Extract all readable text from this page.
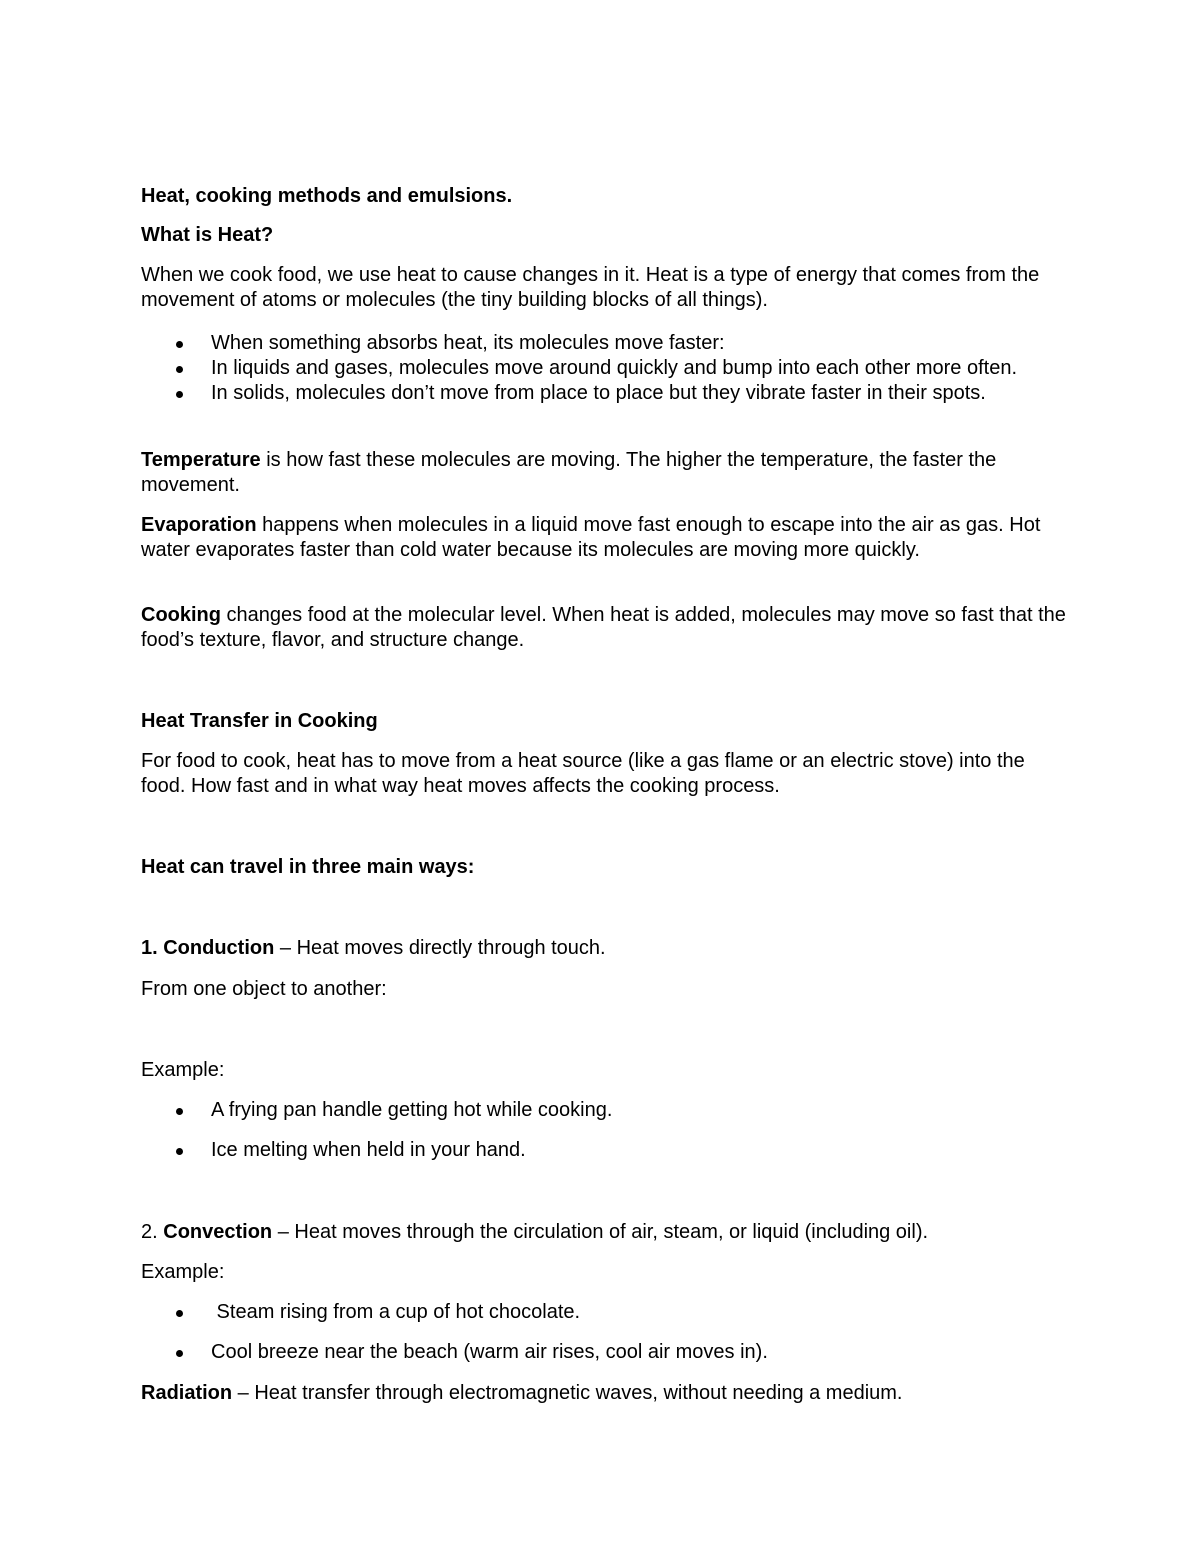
Heat, cooking methods and emulsions.

What is Heat?

When we cook food, we use heat to cause changes in it. Heat is a type of energy that comes from the movement of atoms or molecules (the tiny building blocks of all things).

When something absorbs heat, its molecules move faster:
In liquids and gases, molecules move around quickly and bump into each other more often.
In solids, molecules don’t move from place to place but they vibrate faster in their spots.

Temperature is how fast these molecules are moving. The higher the temperature, the faster the movement.

Evaporation happens when molecules in a liquid move fast enough to escape into the air as gas. Hot water evaporates faster than cold water because its molecules are moving more quickly.

Cooking changes food at the molecular level. When heat is added, molecules may move so fast that the food’s texture, flavor, and structure change.

Heat Transfer in Cooking

For food to cook, heat has to move from a heat source (like a gas flame or an electric stove) into the food. How fast and in what way heat moves affects the cooking process.

Heat can travel in three main ways:

1. Conduction – Heat moves directly through touch.

From one object to another:

Example:

A frying pan handle getting hot while cooking.
Ice melting when held in your hand.

2. Convection – Heat moves through the circulation of air, steam, or liquid (including oil).

Example:

Steam rising from a cup of hot chocolate.
Cool breeze near the beach (warm air rises, cool air moves in).

Radiation – Heat transfer through electromagnetic waves, without needing a medium.
